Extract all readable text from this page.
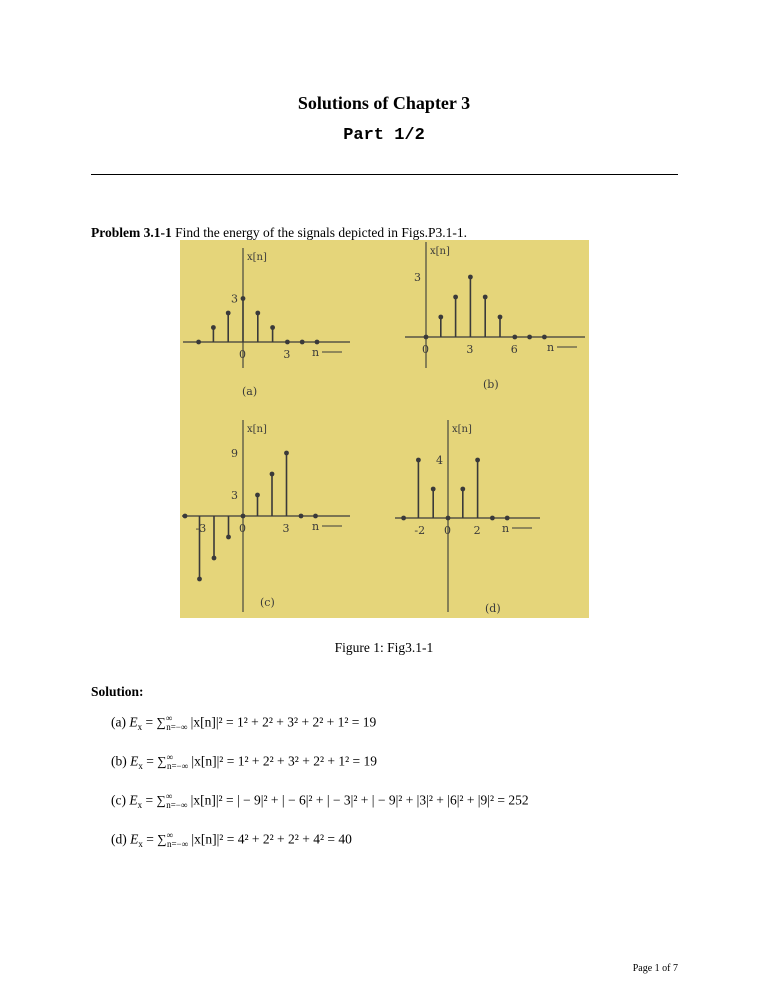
Solutions of Chapter 3
Part 1/2
Problem 3.1-1 Find the energy of the signals depicted in Figs.P3.1-1.
x[n]
n
0	3
3
(a)
x[n]
n
0	3	6
3
(b)
x[n]
n
-3	0	3
9
3
(c)
x[n]
n
-2 0 2
4
(d)
Figure 1: Fig3.1-1
Solution:
(a) $E_x = \sum^\infty_{n=-\infty}$ |x[n]|² = 1² + 2² + 3² + 2² + 1² = 19
(b) $E_x = \sum^\infty_{n=-\infty}$ |x[n]|² = 1² + 2² + 3² + 2² + 1² = 19
(c) $E_x = \sum^\infty_{n=-\infty}$ |x[n]|² = | − 9|² + | − 6|² + | − 3|² + | − 9|² + |3|² + |6|² + |9|² = 252
(d) $E_x = \sum^\infty_{n=-\infty}$ |x[n]|² = 4² + 2² + 2² + 4² = 40
Page 1 of 7
